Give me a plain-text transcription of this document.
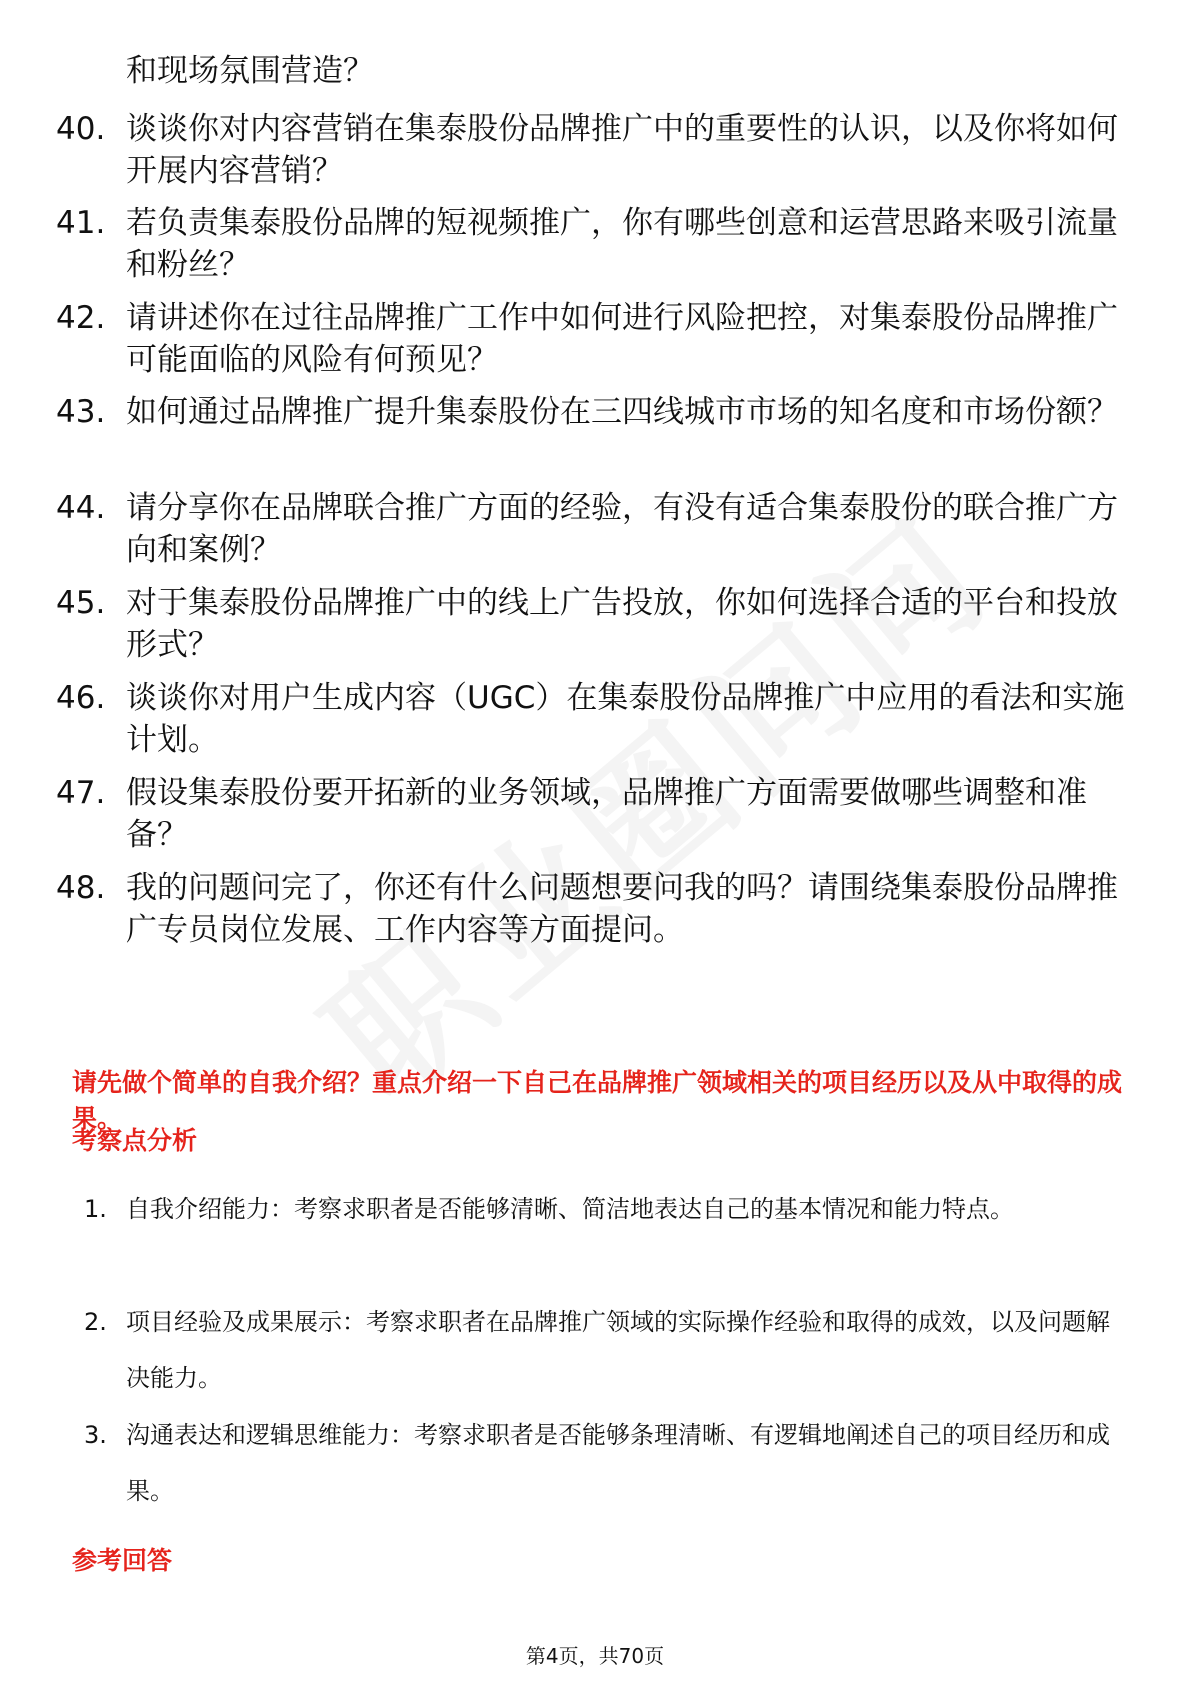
和现场氛围营造？
40. 谈谈你对内容营销在集泰股份品牌推广中的重要性的认识，以及你将如何开展内容营销？
41. 若负责集泰股份品牌的短视频推广，你有哪些创意和运营思路来吸引流量和粉丝？
42. 请讲述你在过往品牌推广工作中如何进行风险把控，对集泰股份品牌推广可能面临的风险有何预见？
43. 如何通过品牌推广提升集泰股份在三四线城市市场的知名度和市场份额？
44. 请分享你在品牌联合推广方面的经验，有没有适合集泰股份的联合推广方向和案例？
45. 对于集泰股份品牌推广中的线上广告投放，你如何选择合适的平台和投放形式？
46. 谈谈你对用户生成内容（UGC）在集泰股份品牌推广中应用的看法和实施计划。
47. 假设集泰股份要开拓新的业务领域，品牌推广方面需要做哪些调整和准备？
48. 我的问题问完了，你还有什么问题想要问我的吗？请围绕集泰股份品牌推广专员岗位发展、工作内容等方面提问。
请先做个简单的自我介绍？重点介绍一下自己在品牌推广领域相关的项目经历以及从中取得的成果。
考察点分析
1. 自我介绍能力：考察求职者是否能够清晰、简洁地表达自己的基本情况和能力特点。
2. 项目经验及成果展示：考察求职者在品牌推广领域的实际操作经验和取得的成效，以及问题解决能力。
3. 沟通表达和逻辑思维能力：考察求职者是否能够条理清晰、有逻辑地阐述自己的项目经历和成果。
参考回答
第4页，共70页
